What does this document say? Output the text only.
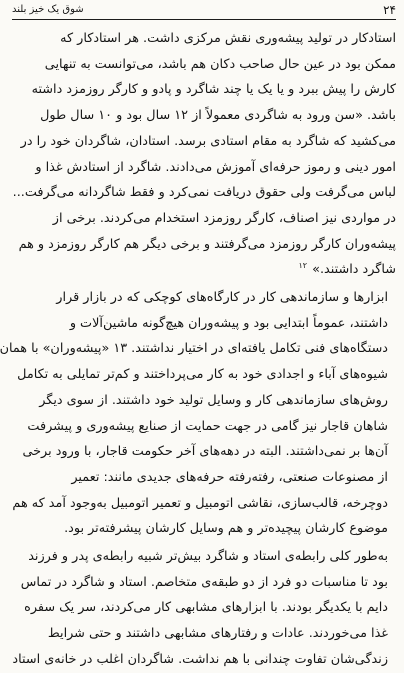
۲۴
شوق یک خیز بلند
استادکار در تولید پیشه‌وری نقش مرکزی داشت. هر استادکار که
ممکن بود در عین حال صاحب دکان هم باشد، می‌توانست به تنهایی
کارش را پیش ببرد و یا یک یا چند شاگرد و پادو و کارگر روزمزد داشته
باشد. «سن ورود به شاگردی معمولاً از ۱۲ سال بود و ۱۰ سال طول
می‌کشید که شاگرد به مقام استادی برسد. استادان، شاگردان خود را در
امور دینی و رموز حرفه‌ای آموزش می‌دادند. شاگرد از استادش غذا و
لباس می‌گرفت ولی حقوق دریافت نمی‌کرد و فقط شاگردانه می‌گرفت...
در مواردی نیز اصناف، کارگر روزمزد استخدام می‌کردند. برخی از
پیشه‌وران کارگر روزمزد می‌گرفتند و برخی دیگر هم کارگر روزمزد و هم
شاگرد داشتند.» $^{۱۲}$
ابزارها و سازماندهی کار در کارگاه‌های کوچکی که در بازار قرار
داشتند، عموماً ابتدایی بود و پیشه‌وران هیچ‌گونه ماشین‌آلات و
دستگاه‌های فنی تکامل یافته‌ای در اختیار نداشتند. ۱۳ «پیشه‌وران» با همان
شیوه‌های آباء و اجدادی خود به کار می‌پرداختند و کم‌تر تمایلی به تکامل
روش‌های سازماندهی کار و وسایل تولید خود داشتند. از سوی دیگر
شاهان قاجار نیز گامی در جهت حمایت از صنایع پیشه‌وری و پیشرفت
آن‌ها بر نمی‌داشتند. البته در دهه‌های آخر حکومت قاجار، با ورود برخی
از مصنوعات صنعتی، رفته‌رفته حرفه‌های جدیدی مانند: تعمیر
دوچرخه، قالب‌سازی، نقاشی اتومبیل و تعمیر اتومبیل به‌وجود آمد که هم
موضوع کارشان پیچیده‌تر و هم وسایل کارشان پیشرفته‌تر بود.
به‌طور کلی رابطه‌ی استاد و شاگرد بیش‌تر شبیه رابطه‌ی پدر و فرزند
بود تا مناسبات دو فرد از دو طبقه‌ی متخاصم. استاد و شاگرد در تماس
دایم با یکدیگر بودند. با ابزارهای مشابهی کار می‌کردند، سر یک سفره
غذا می‌خوردند. عادات و رفتارهای مشابهی داشتند و حتی شرایط
زندگی‌شان تفاوت چندانی با هم نداشت. شاگردان اغلب در خانه‌ی استاد
